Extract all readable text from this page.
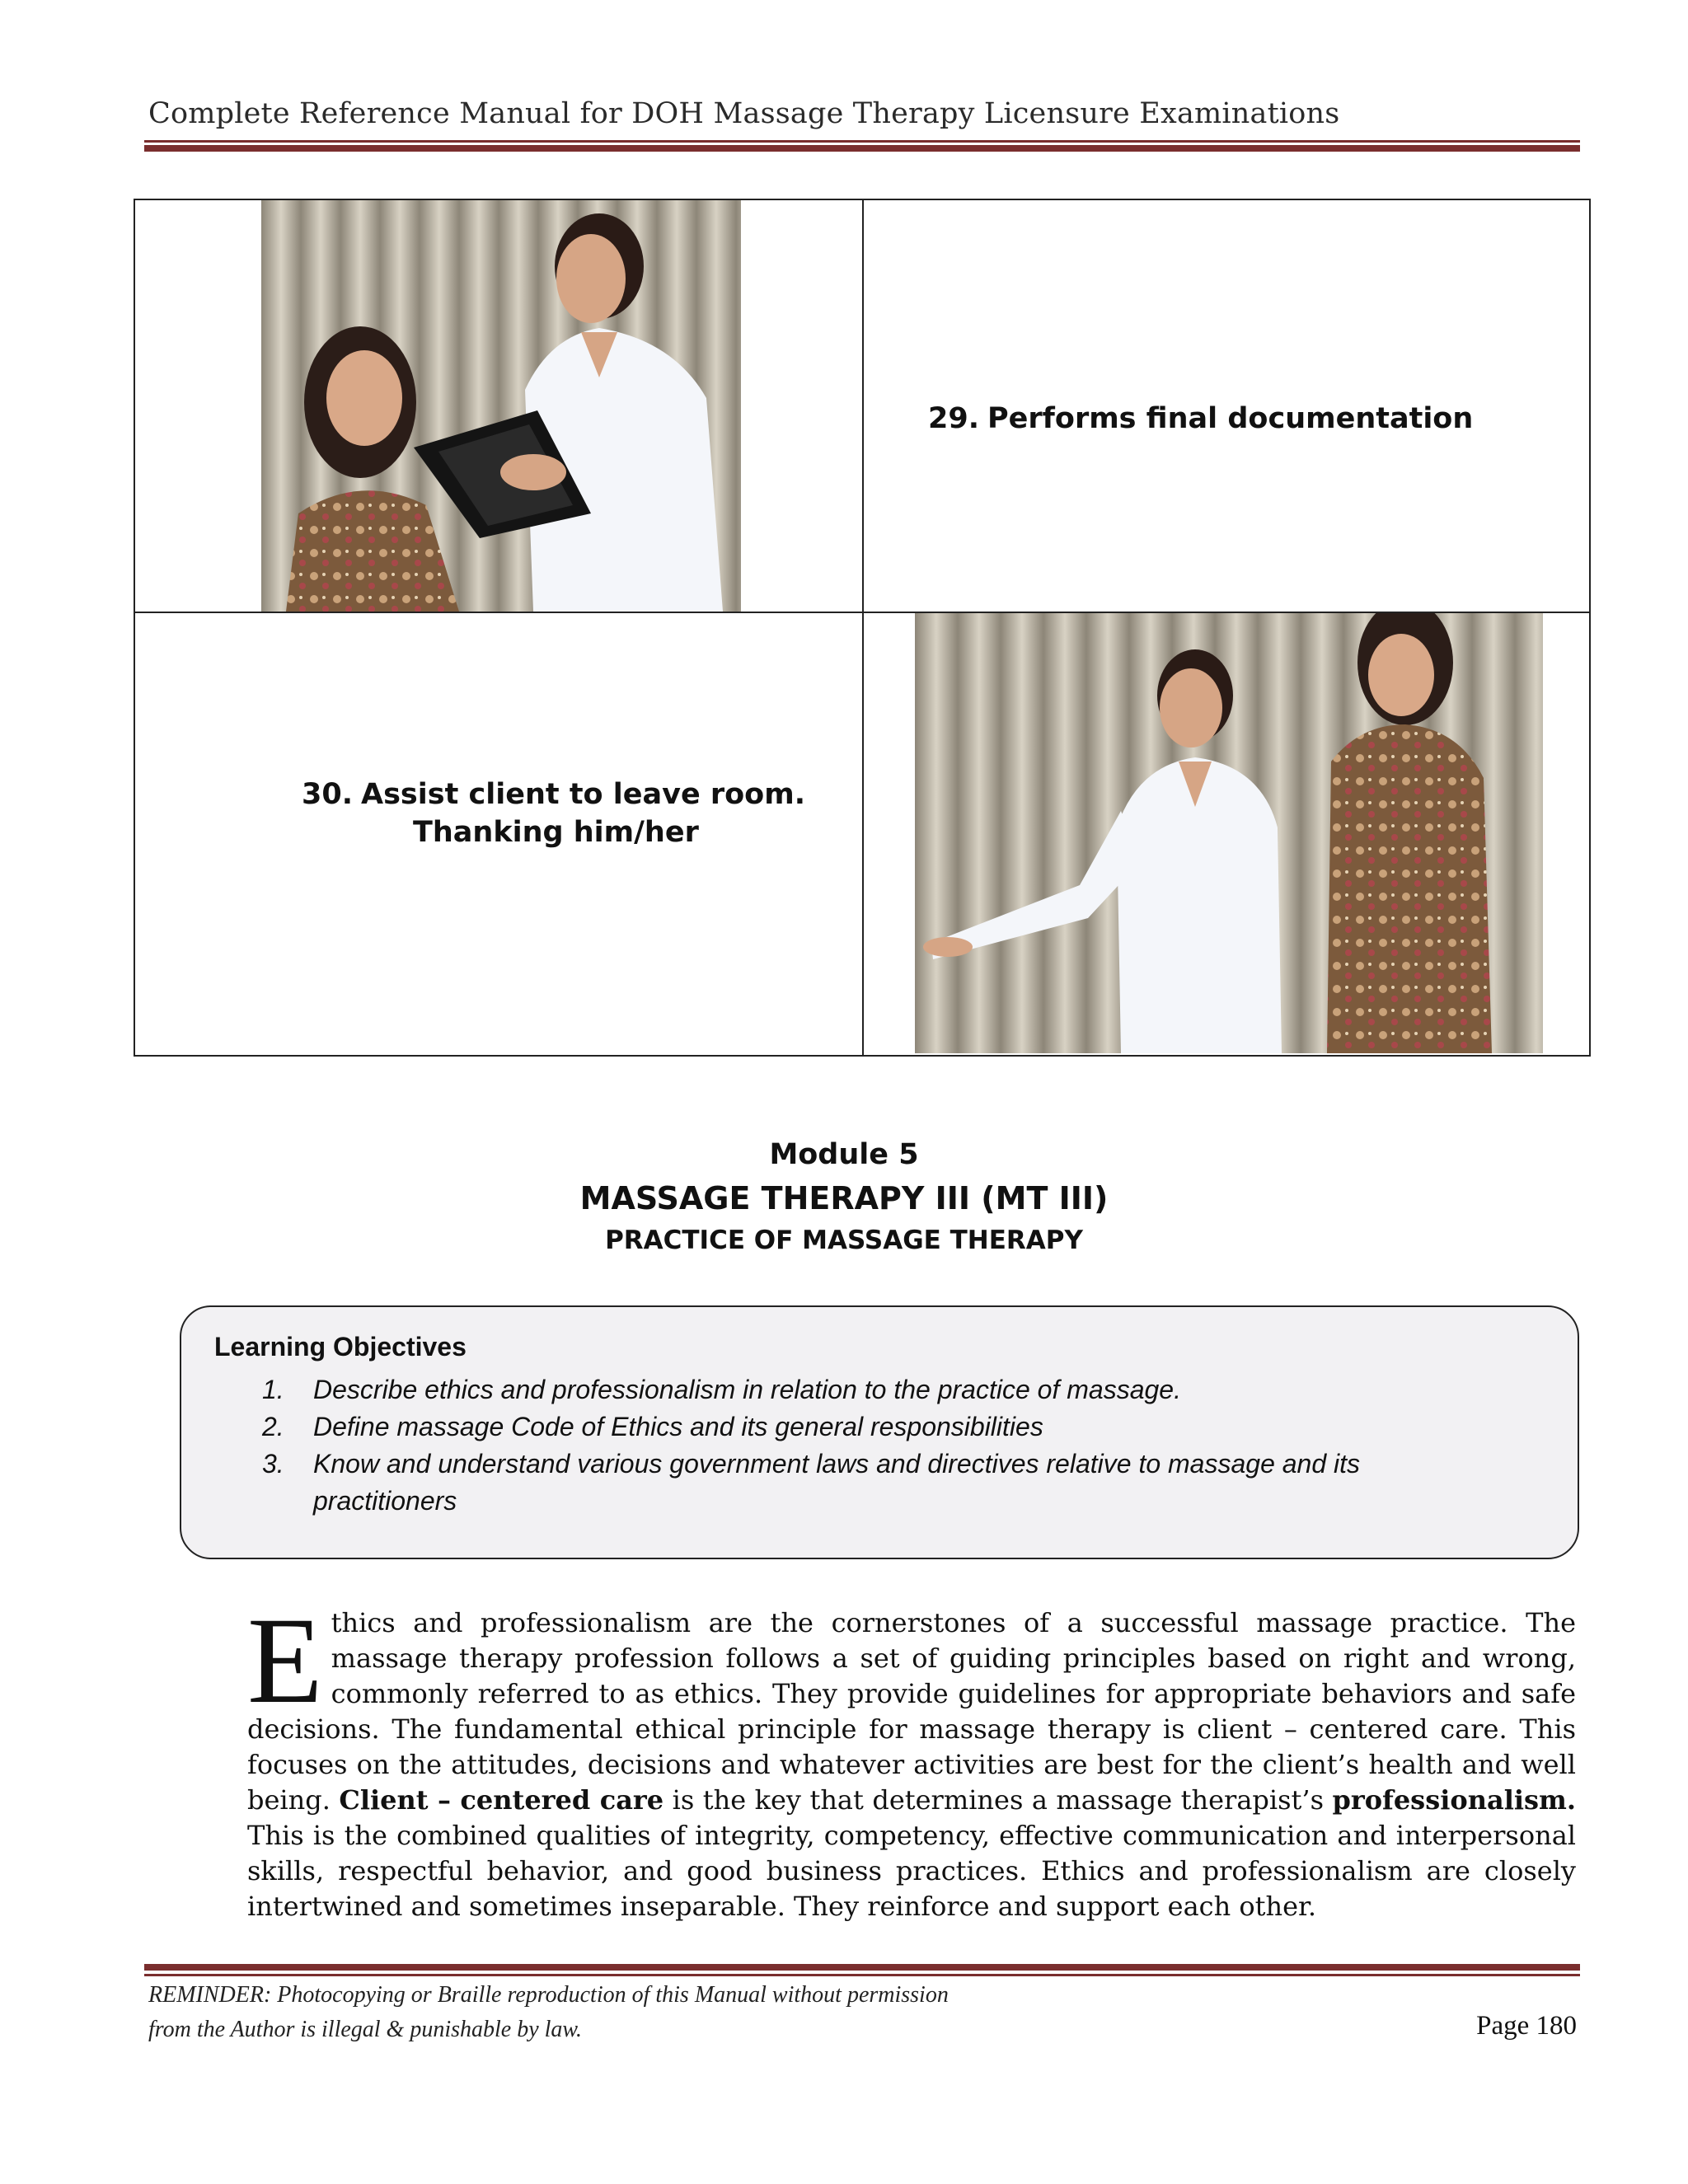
Complete Reference Manual for DOH Massage Therapy Licensure Examinations
29. Performs final documentation
30. Assist client to leave room.
Thanking him/her
Module 5
MASSAGE THERAPY III (MT III)
PRACTICE OF MASSAGE THERAPY
Learning Objectives
1. Describe ethics and professionalism in relation to the practice of massage.
2. Define massage Code of Ethics and its general responsibilities
3. Know and understand various government laws and directives relative to massage and its practitioners
Ethics and professionalism are the cornerstones of a successful massage practice. The massage therapy profession follows a set of guiding principles based on right and wrong, commonly referred to as ethics. They provide guidelines for appropriate behaviors and safe decisions. The fundamental ethical principle for massage therapy is client – centered care. This focuses on the attitudes, decisions and whatever activities are best for the client’s health and well being. Client – centered care is the key that determines a massage therapist’s professionalism. This is the combined qualities of integrity, competency, effective communication and interpersonal skills, respectful behavior, and good business practices. Ethics and professionalism are closely intertwined and sometimes inseparable. They reinforce and support each other.
REMINDER: Photocopying or Braille reproduction of this Manual without permission
from the Author is illegal & punishable by law.	Page 180
